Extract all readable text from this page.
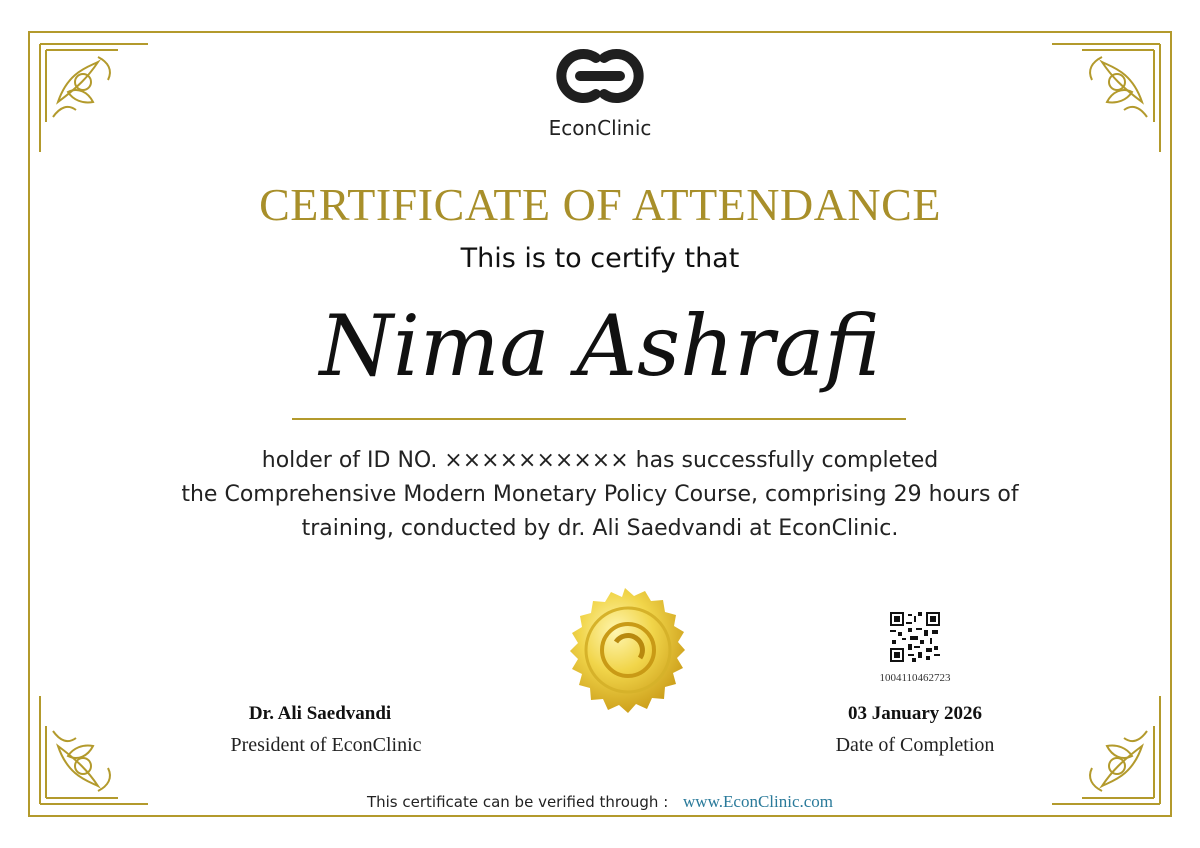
EconClinic
CERTIFICATE OF ATTENDANCE
This is to certify that
Nima Ashrafi
holder of ID NO. ×××××××××× has successfully completed
the Comprehensive Modern Monetary Policy Course, comprising 29 hours of
training, conducted by dr. Ali Saedvandi at EconClinic.
1004110462723
Dr. Ali Saedvandi
President of EconClinic
03 January 2026
Date of Completion
This certificate can be verified through : www.EconClinic.com
